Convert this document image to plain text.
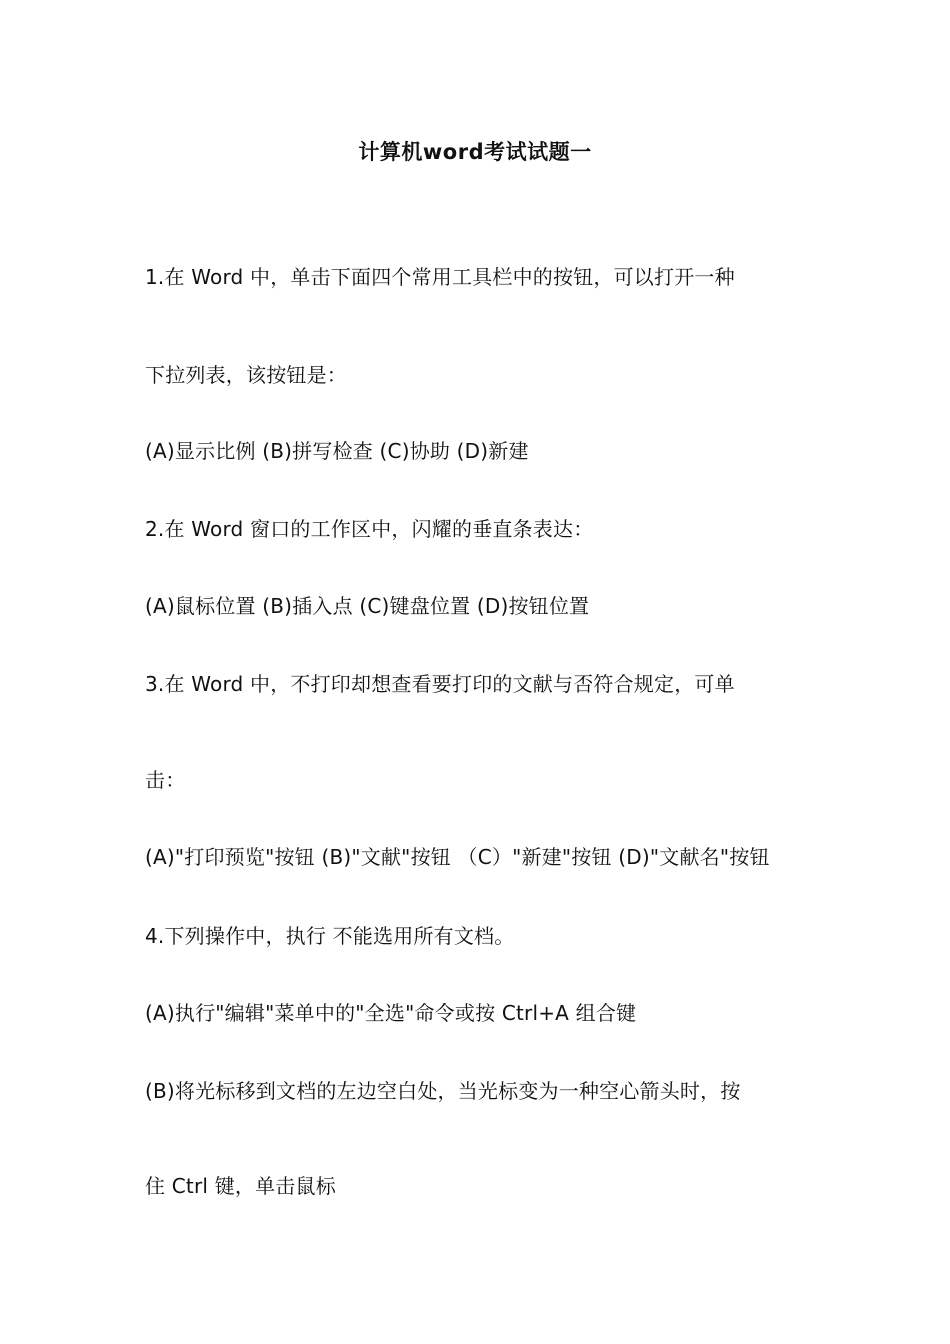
计算机word考试试题一
1.在 Word 中，单击下面四个常用工具栏中的按钮，可以打开一种
下拉列表，该按钮是：
(A)显示比例 (B)拼写检查 (C)协助 (D)新建
2.在 Word 窗口的工作区中，闪耀的垂直条表达：
(A)鼠标位置 (B)插入点 (C)键盘位置 (D)按钮位置
3.在 Word 中，不打印却想查看要打印的文献与否符合规定，可单
击：
(A)"打印预览"按钮 (B)"文献"按钮 （C）"新建"按钮 (D)"文献名"按钮
4.下列操作中，执行 不能选用所有文档。
(A)执行"编辑"菜单中的"全选"命令或按 Ctrl+A 组合键
(B)将光标移到文档的左边空白处，当光标变为一种空心箭头时，按
住 Ctrl 键，单击鼠标
